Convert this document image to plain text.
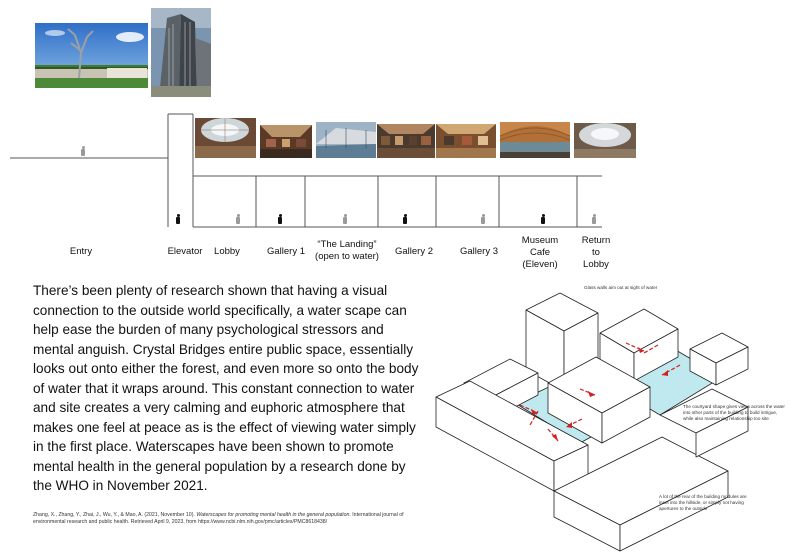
Entry	Elevator	Lobby	Gallery 1
“The Landing”
(open to water)	Gallery 2	Gallery 3
Museum
Cafe
(Eleven)
Return
to
Lobby
There’s been plenty of research shown that having a visual connection to the outside world specifically, a water scape can help ease the burden of many psychological stressors and mental anguish. Crystal Bridges entire public space, essentially looks out onto either the forest, and even more so onto the body of water that it wraps around. This constant connection to water and site creates a very calming and euphoric atmosphere that makes one feel at peace as is the effect of viewing water simply in the first place. Waterscapes have been shown to promote mental health in the general population by a research done by the WHO in November 2021.
Zhang, X., Zhang, Y., Zhai, J., Wu, Y., & Mao, A. (2021, November 10). Waterscapes for promoting mental health in the general population. International journal of environmental research and public health. Retrieved April 9, 2023, from https://www.ncbi.nlm.nih.gov/pmc/articles/PMC8618438/
Glass walls aim out at sight of water
The courtyard shape gives views across the water into other parts of the building to build intrigue, while also maintaining relationship too site
A lot of the rear of the building modules are inset into the hillside, or simply not having apertures to the outside
